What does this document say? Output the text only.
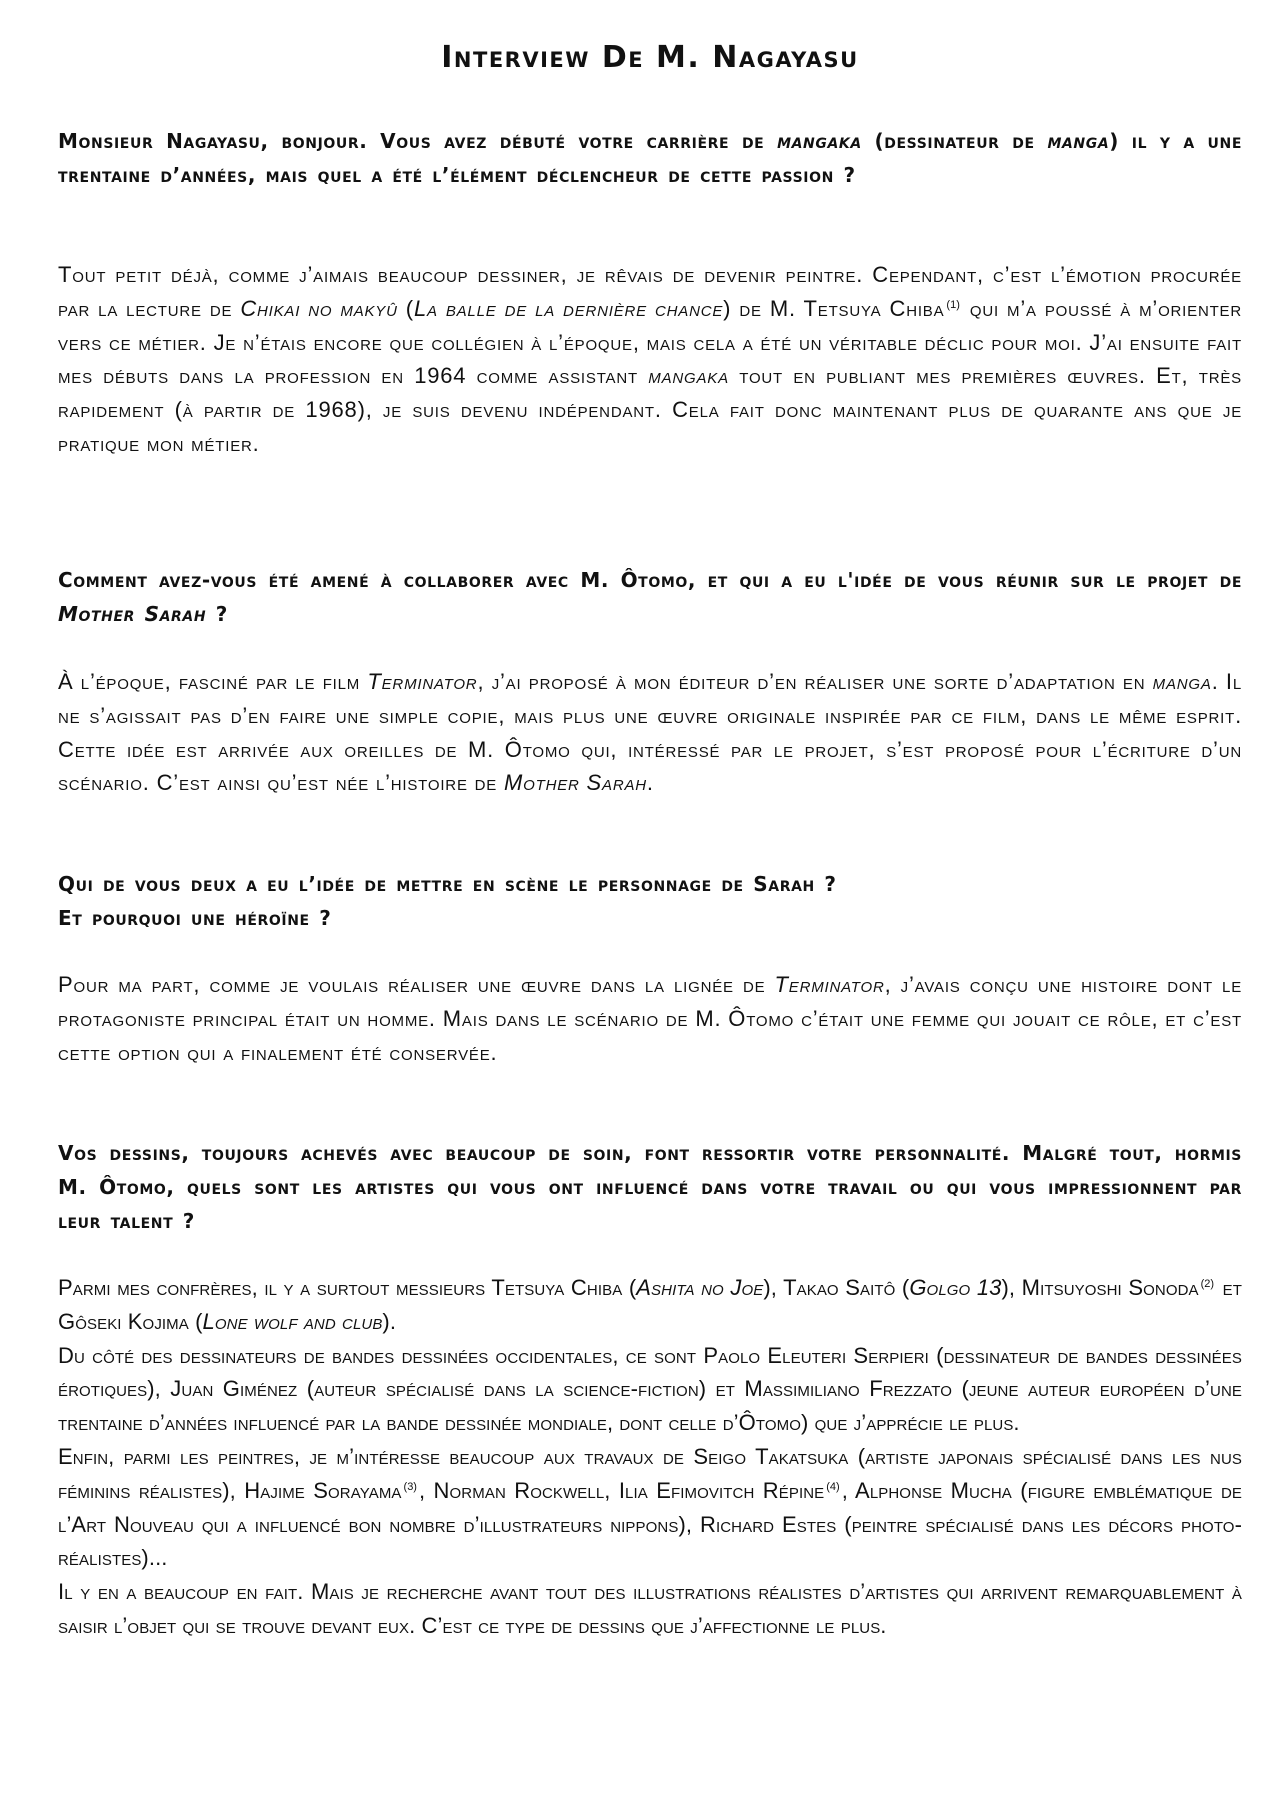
Interview De M. Nagayasu

Monsieur Nagayasu, bonjour. Vous avez débuté votre carrière de mangaka (dessinateur de manga) il y a une trentaine d’années, mais quel a été l’élément déclencheur de cette passion ?

Tout petit déjà, comme j’aimais beaucoup dessiner, je rêvais de devenir peintre. Cependant, c’est l’émotion procurée par la lecture de Chikai no makyû (La balle de la dernière chance) de M. Tetsuya Chiba $^{(1)}$ qui m’a poussé à m’orienter vers ce métier. Je n’étais encore que collégien à l’époque, mais cela a été un véritable déclic pour moi. J’ai ensuite fait mes débuts dans la profession en 1964 comme assistant mangaka tout en publiant mes premières œuvres. Et, très rapidement (à partir de 1968), je suis devenu indépendant. Cela fait donc maintenant plus de quarante ans que je pratique mon métier.

Comment avez-vous été amené à collaborer avec M. Ôtomo, et qui a eu l'idée de vous réunir sur le projet de Mother Sarah ?

À l’époque, fasciné par le film Terminator, j’ai proposé à mon éditeur d’en réaliser une sorte d’adaptation en manga. Il ne s’agissait pas d’en faire une simple copie, mais plus une œuvre originale inspirée par ce film, dans le même esprit. Cette idée est arrivée aux oreilles de M. Ôtomo qui, intéressé par le projet, s’est proposé pour l’écriture d’un scénario. C’est ainsi qu’est née l’histoire de Mother Sarah.

Qui de vous deux a eu l’idée de mettre en scène le personnage de Sarah ?
Et pourquoi une héroïne ?

Pour ma part, comme je voulais réaliser une œuvre dans la lignée de Terminator, j’avais conçu une histoire dont le protagoniste principal était un homme. Mais dans le scénario de M. Ôtomo c’était une femme qui jouait ce rôle, et c’est cette option qui a finalement été conservée.

Vos dessins, toujours achevés avec beaucoup de soin, font ressortir votre personnalité. Malgré tout, hormis M. Ôtomo, quels sont les artistes qui vous ont influencé dans votre travail ou qui vous impressionnent par leur talent ?

Parmi mes confrères, il y a surtout messieurs Tetsuya Chiba (Ashita no Joe), Takao Saitô (Golgo 13), Mitsuyoshi Sonoda $^{(2)}$ et Gôseki Kojima (Lone wolf and club).

Du côté des dessinateurs de bandes dessinées occidentales, ce sont Paolo Eleuteri Serpieri (dessinateur de bandes dessinées érotiques), Juan Giménez (auteur spécialisé dans la science-fiction) et Massimiliano Frezzato (jeune auteur européen d’une trentaine d’années influencé par la bande dessinée mondiale, dont celle d’Ôtomo) que j’apprécie le plus.

Enfin, parmi les peintres, je m’intéresse beaucoup aux travaux de Seigo Takatsuka (artiste japonais spécialisé dans les nus féminins réalistes), Hajime Sorayama $^{(3)}$, Norman Rockwell, Ilia Efimovitch Répine $^{(4)}$, Alphonse Mucha (figure emblématique de l’Art Nouveau qui a influencé bon nombre d’illustrateurs nippons), Richard Estes (peintre spécialisé dans les décors photo-réalistes)...

Il y en a beaucoup en fait. Mais je recherche avant tout des illustrations réalistes d’artistes qui arrivent remarquablement à saisir l’objet qui se trouve devant eux. C’est ce type de dessins que j’affectionne le plus.
